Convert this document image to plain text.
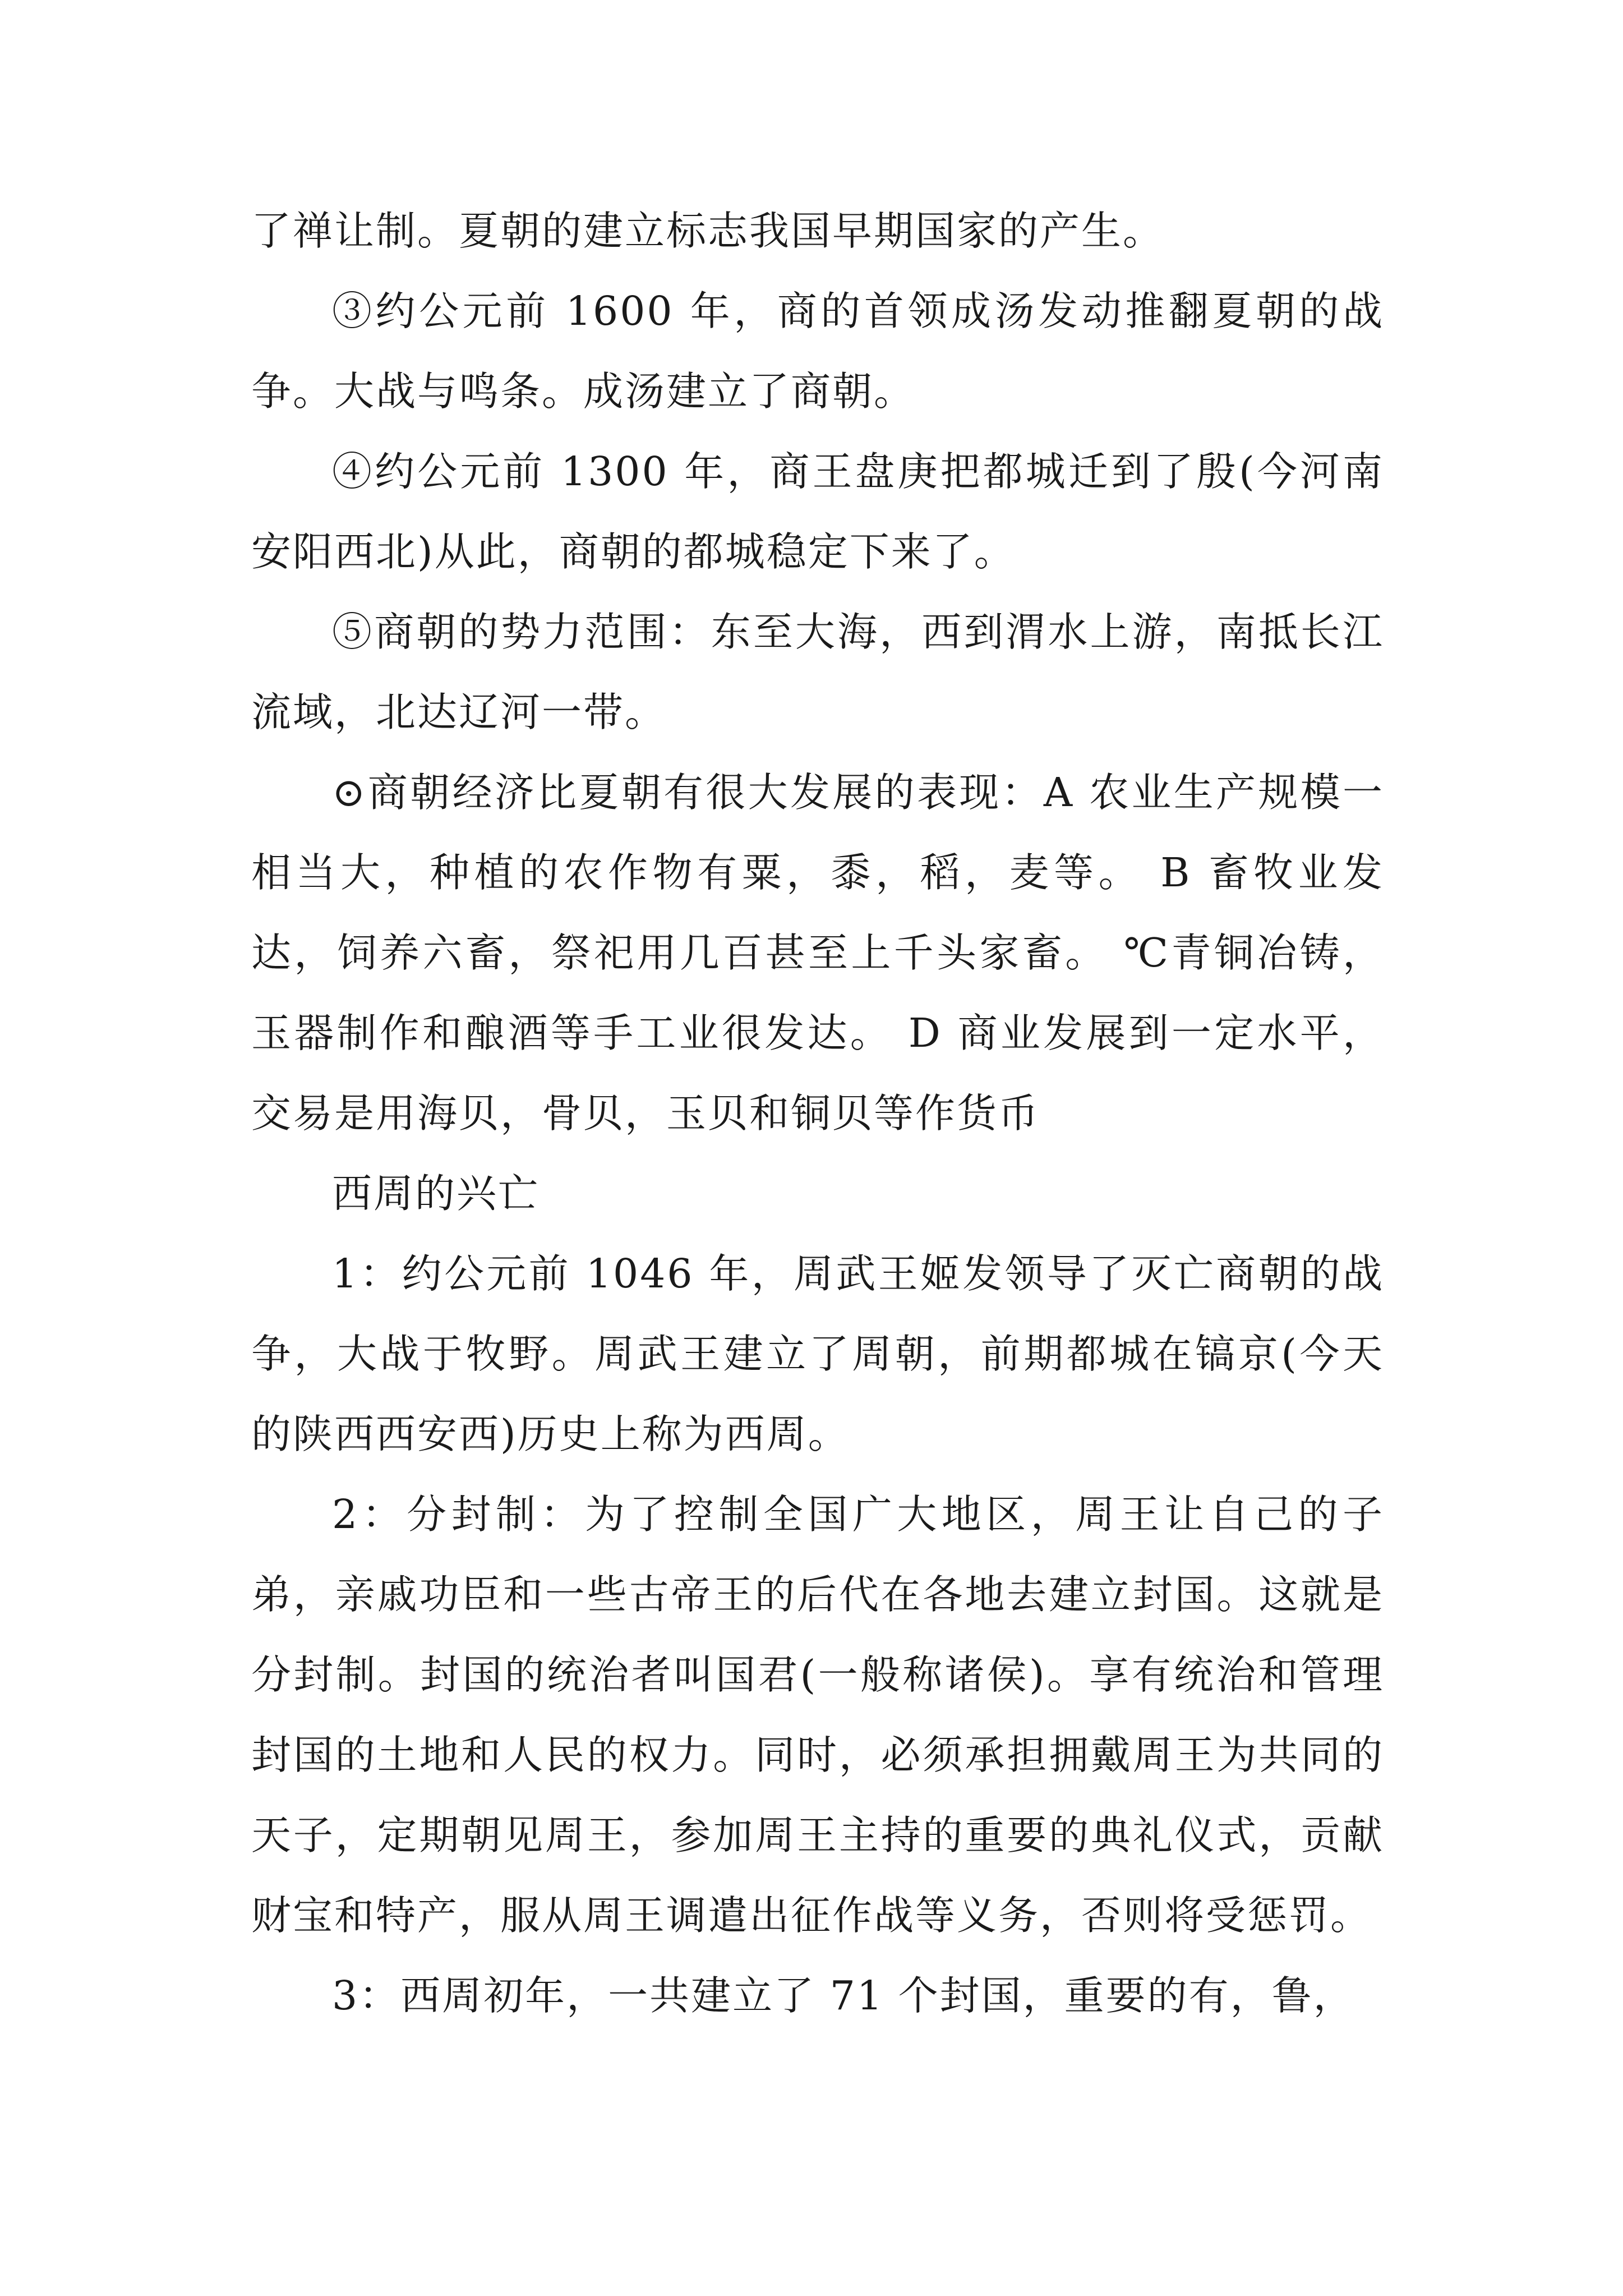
了禅让制。夏朝的建立标志我国早期国家的产生。

③约公元前 1600 年，商的首领成汤发动推翻夏朝的战争。大战与鸣条。成汤建立了商朝。

④约公元前 1300 年，商王盘庚把都城迁到了殷(今河南安阳西北)从此，商朝的都城稳定下来了。

⑤商朝的势力范围：东至大海，西到渭水上游，南抵长江流域，北达辽河一带。

⊙商朝经济比夏朝有很大发展的表现：A 农业生产规模一相当大，种植的农作物有粟，黍，稻，麦等。 B 畜牧业发达，饲养六畜，祭祀用几百甚至上千头家畜。 ℃青铜冶铸，玉器制作和酿酒等手工业很发达。 D 商业发展到一定水平，交易是用海贝，骨贝，玉贝和铜贝等作货币

西周的兴亡

1：约公元前 1046 年，周武王姬发领导了灭亡商朝的战争，大战于牧野。周武王建立了周朝，前期都城在镐京(今天的陕西西安西)历史上称为西周。

2：分封制：为了控制全国广大地区，周王让自己的子弟，亲戚功臣和一些古帝王的后代在各地去建立封国。这就是分封制。封国的统治者叫国君(一般称诸侯)。享有统治和管理封国的土地和人民的权力。同时，必须承担拥戴周王为共同的天子，定期朝见周王，参加周王主持的重要的典礼仪式，贡献财宝和特产，服从周王调遣出征作战等义务，否则将受惩罚。

3：西周初年，一共建立了 71 个封国，重要的有，鲁，
